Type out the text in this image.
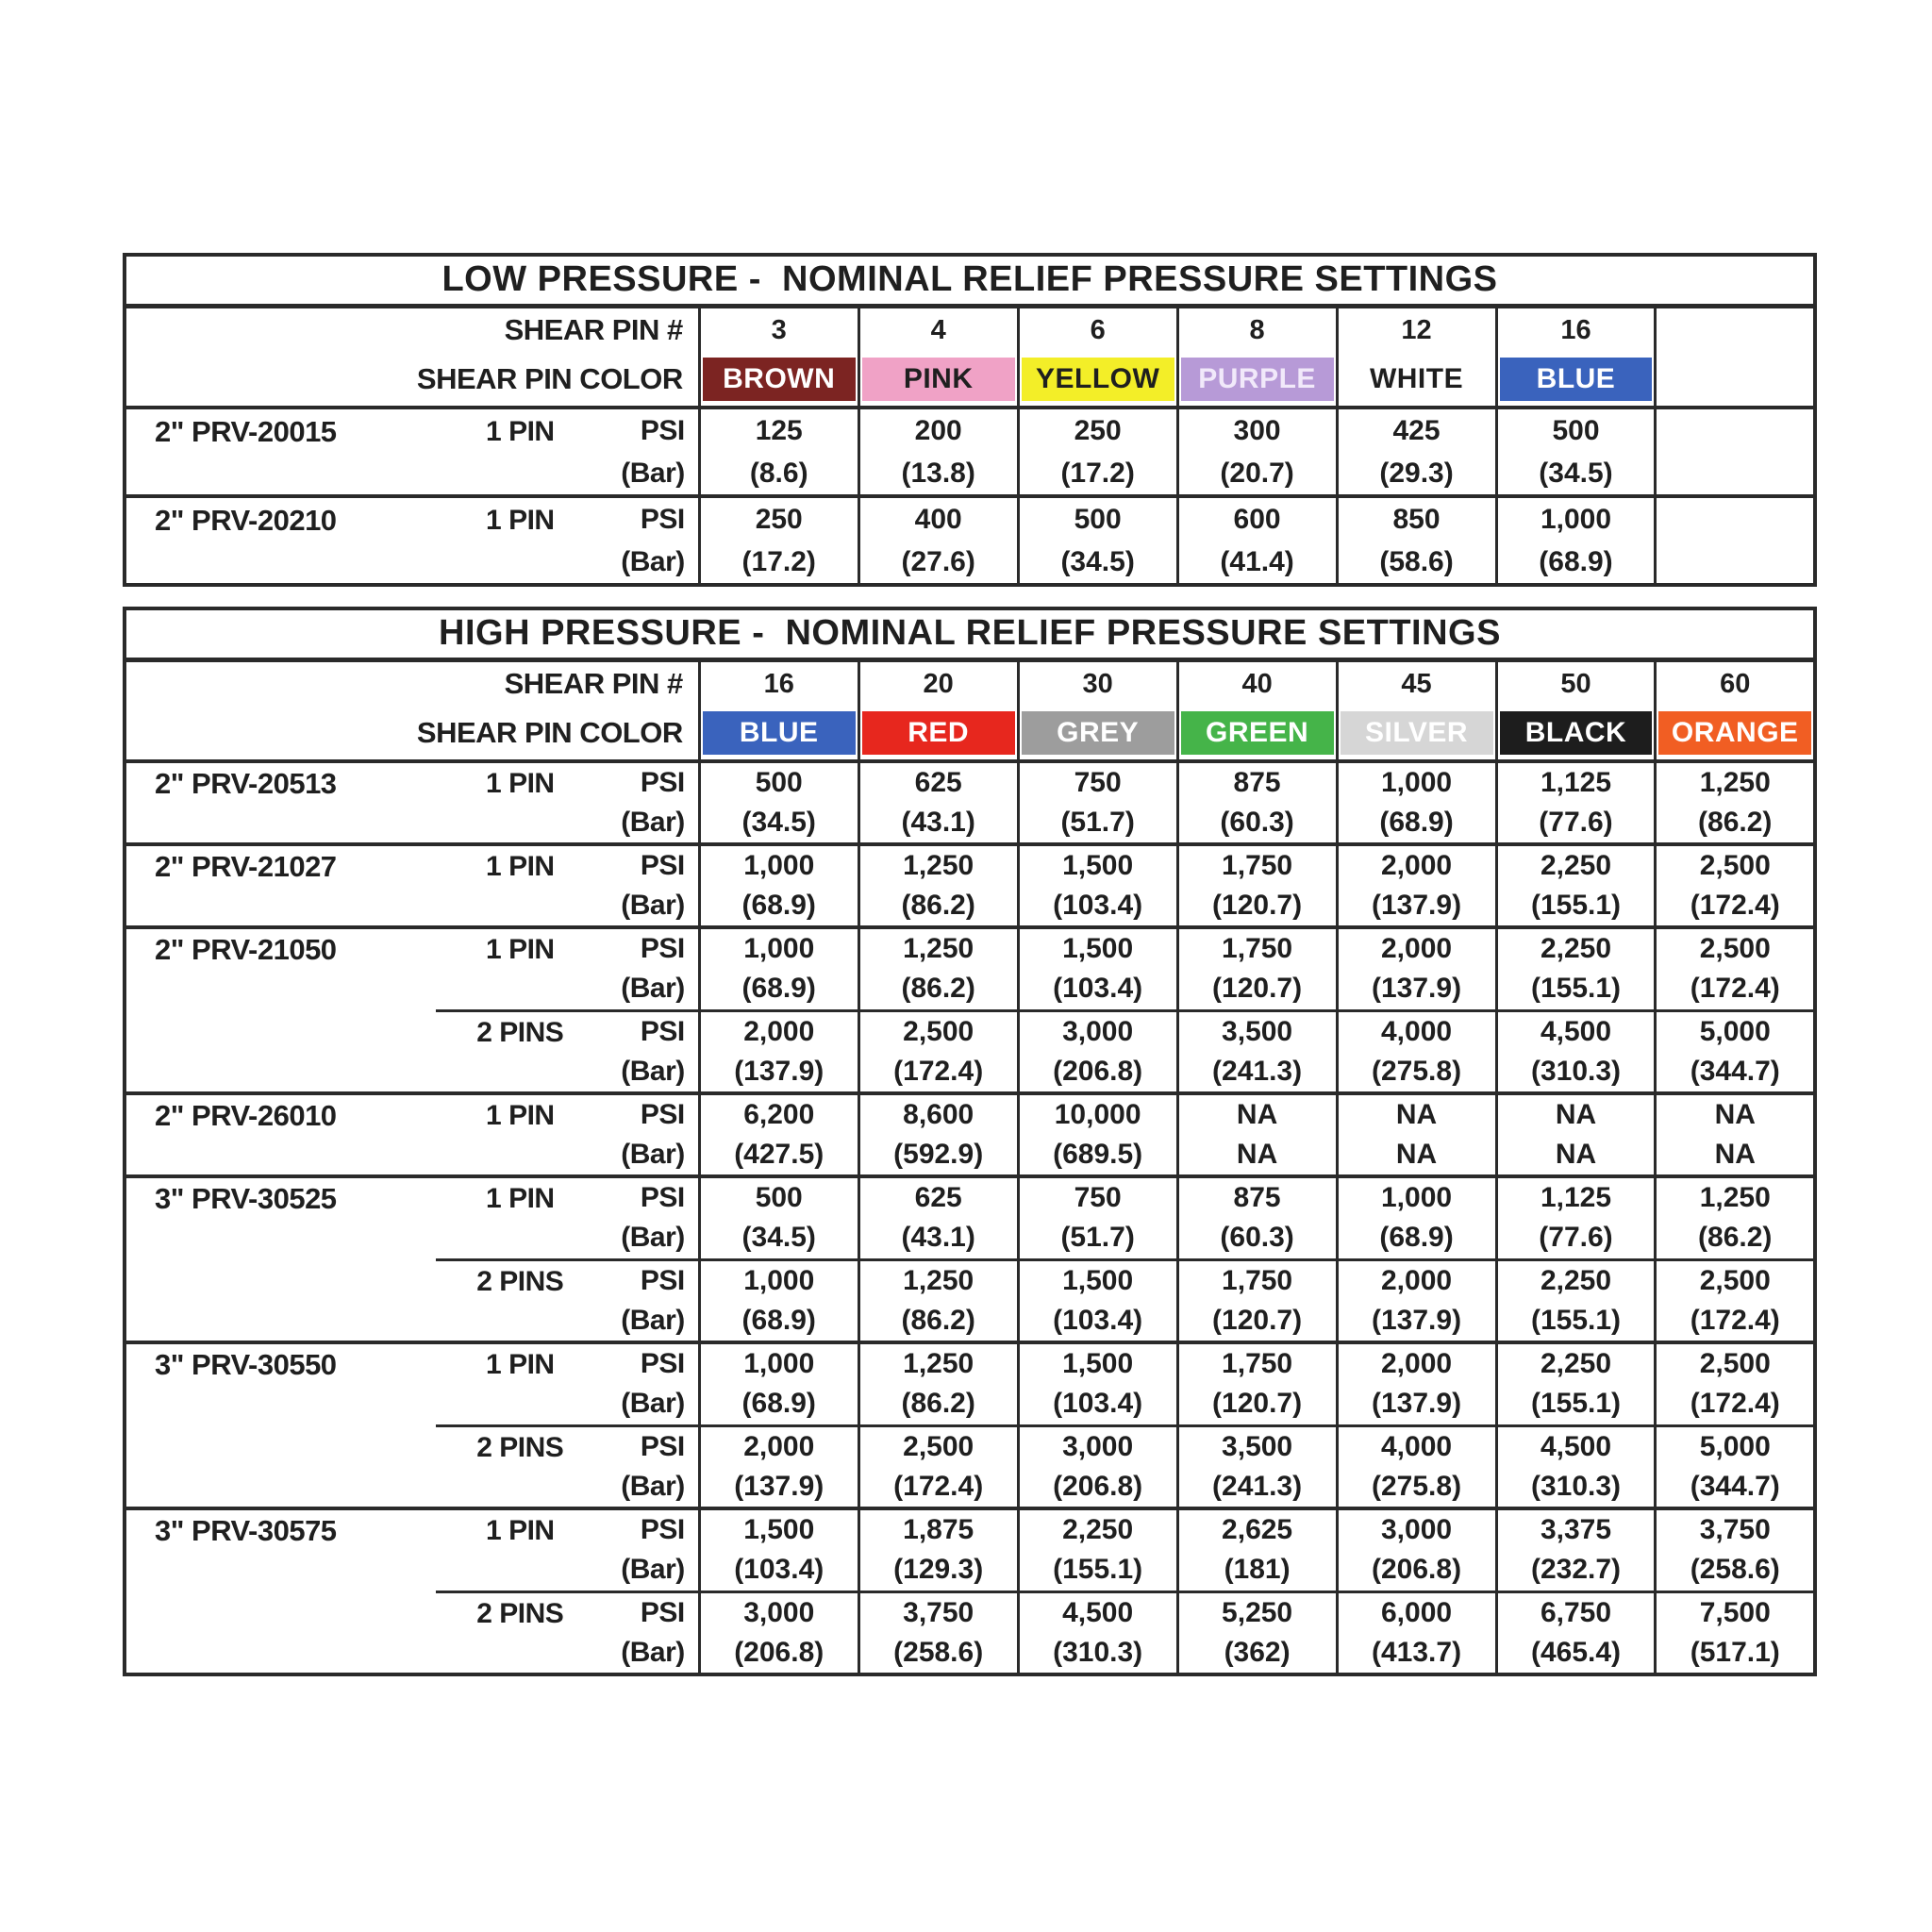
LOW PRESSURE -  NOMINAL RELIEF PRESSURE SETTINGS									
SHEAR PIN #			3	4	6	8	12	16	
SHEAR PIN COLOR			BROWN	PINK	YELLOW	PURPLE	WHITE	BLUE	

2" PRV-20015	1 PIN	PSI	125	200	250	300	425	500	
		(Bar)	(8.6)	(13.8)	(17.2)	(20.7)	(29.3)	(34.5)	
2" PRV-20210	1 PIN	PSI	250	400	500	600	850	1,000	
		(Bar)	(17.2)	(27.6)	(34.5)	(41.4)	(58.6)	(68.9)	
HIGH PRESSURE -  NOMINAL RELIEF PRESSURE SETTINGS									
SHEAR PIN #			16	20	30	40	45	50	60
SHEAR PIN COLOR			BLUE	RED	GREY	GREEN	SILVER	BLACK	ORANGE

2" PRV-20513	1 PIN	PSI	500	625	750	875	1,000	1,125	1,250
		(Bar)	(34.5)	(43.1)	(51.7)	(60.3)	(68.9)	(77.6)	(86.2)
2" PRV-21027	1 PIN	PSI	1,000	1,250	1,500	1,750	2,000	2,250	2,500
		(Bar)	(68.9)	(86.2)	(103.4)	(120.7)	(137.9)	(155.1)	(172.4)
2" PRV-21050	1 PIN	PSI	1,000	1,250	1,500	1,750	2,000	2,250	2,500
		(Bar)	(68.9)	(86.2)	(103.4)	(120.7)	(137.9)	(155.1)	(172.4)
	2 PINS	PSI	2,000	2,500	3,000	3,500	4,000	4,500	5,000
		(Bar)	(137.9)	(172.4)	(206.8)	(241.3)	(275.8)	(310.3)	(344.7)
2" PRV-26010	1 PIN	PSI	6,200	8,600	10,000	NA	NA	NA	NA
		(Bar)	(427.5)	(592.9)	(689.5)	NA	NA	NA	NA
3" PRV-30525	1 PIN	PSI	500	625	750	875	1,000	1,125	1,250
		(Bar)	(34.5)	(43.1)	(51.7)	(60.3)	(68.9)	(77.6)	(86.2)
	2 PINS	PSI	1,000	1,250	1,500	1,750	2,000	2,250	2,500
		(Bar)	(68.9)	(86.2)	(103.4)	(120.7)	(137.9)	(155.1)	(172.4)
3" PRV-30550	1 PIN	PSI	1,000	1,250	1,500	1,750	2,000	2,250	2,500
		(Bar)	(68.9)	(86.2)	(103.4)	(120.7)	(137.9)	(155.1)	(172.4)
	2 PINS	PSI	2,000	2,500	3,000	3,500	4,000	4,500	5,000
		(Bar)	(137.9)	(172.4)	(206.8)	(241.3)	(275.8)	(310.3)	(344.7)
3" PRV-30575	1 PIN	PSI	1,500	1,875	2,250	2,625	3,000	3,375	3,750
		(Bar)	(103.4)	(129.3)	(155.1)	(181)	(206.8)	(232.7)	(258.6)
	2 PINS	PSI	3,000	3,750	4,500	5,250	6,000	6,750	7,500
		(Bar)	(206.8)	(258.6)	(310.3)	(362)	(413.7)	(465.4)	(517.1)
